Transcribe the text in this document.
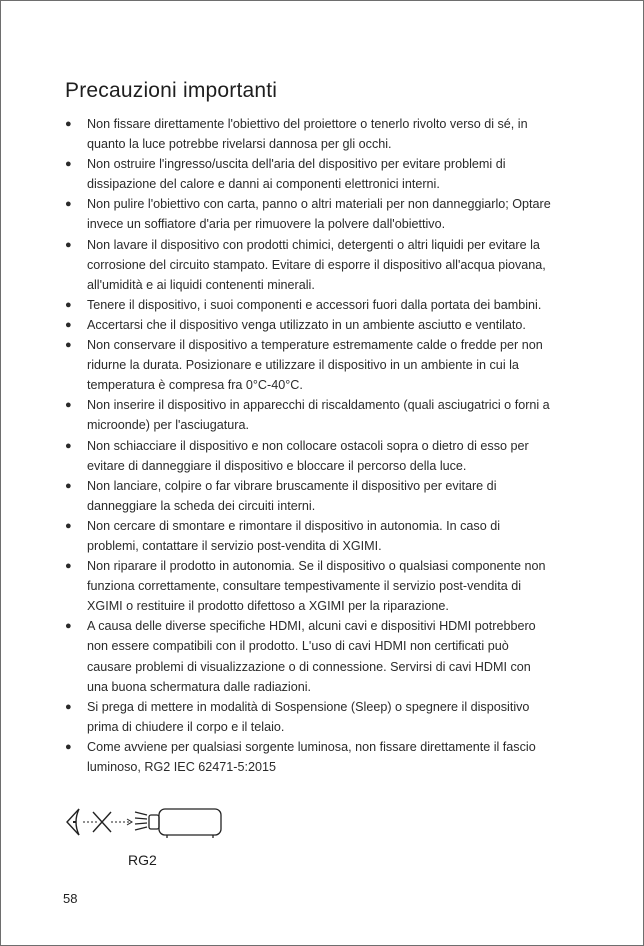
Precauzioni importanti
● Non fissare direttamente l'obiettivo del proiettore o tenerlo rivolto verso di sé, in quanto la luce potrebbe rivelarsi dannosa per gli occhi.
● Non ostruire l'ingresso/uscita dell'aria del dispositivo per evitare problemi di dissipazione del calore e danni ai componenti elettronici interni.
● Non pulire l'obiettivo con carta, panno o altri materiali per non danneggiarlo; Optare invece un soffiatore d'aria per rimuovere la polvere dall'obiettivo.
● Non lavare il dispositivo con prodotti chimici, detergenti o altri liquidi per evitare la corrosione del circuito stampato. Evitare di esporre il dispositivo all'acqua piovana, all'umidità e ai liquidi contenenti minerali.
● Tenere il dispositivo, i suoi componenti e accessori fuori dalla portata dei bambini.
● Accertarsi che il dispositivo venga utilizzato in un ambiente asciutto e ventilato.
● Non conservare il dispositivo a temperature estremamente calde o fredde per non ridurne la durata. Posizionare e utilizzare il dispositivo in un ambiente in cui la temperatura è compresa fra 0°C-40°C.
● Non inserire il dispositivo in apparecchi di riscaldamento (quali asciugatrici o forni a microonde) per l'asciugatura.
● Non schiacciare il dispositivo e non collocare ostacoli sopra o dietro di esso per evitare di danneggiare il dispositivo e bloccare il percorso della luce.
● Non lanciare, colpire o far vibrare bruscamente il dispositivo per evitare di danneggiare la scheda dei circuiti interni.
● Non cercare di smontare e rimontare il dispositivo in autonomia. In caso di problemi, contattare il servizio post-vendita di XGIMI.
● Non riparare il prodotto in autonomia. Se il dispositivo o qualsiasi componente non funziona correttamente, consultare tempestivamente il servizio post-vendita di XGIMI o restituire il prodotto difettoso a XGIMI per la riparazione.
● A causa delle diverse specifiche HDMI, alcuni cavi e dispositivi HDMI potrebbero non essere compatibili con il prodotto. L'uso di cavi HDMI non certificati può causare problemi di visualizzazione o di connessione. Servirsi di cavi HDMI con una buona schermatura dalle radiazioni.
● Si prega di mettere in modalità di Sospensione (Sleep) o spegnere il dispositivo prima di chiudere il corpo e il telaio.
● Come avviene per qualsiasi sorgente luminosa, non fissare direttamente il fascio luminoso, RG2 IEC 62471-5:2015
RG2
58
